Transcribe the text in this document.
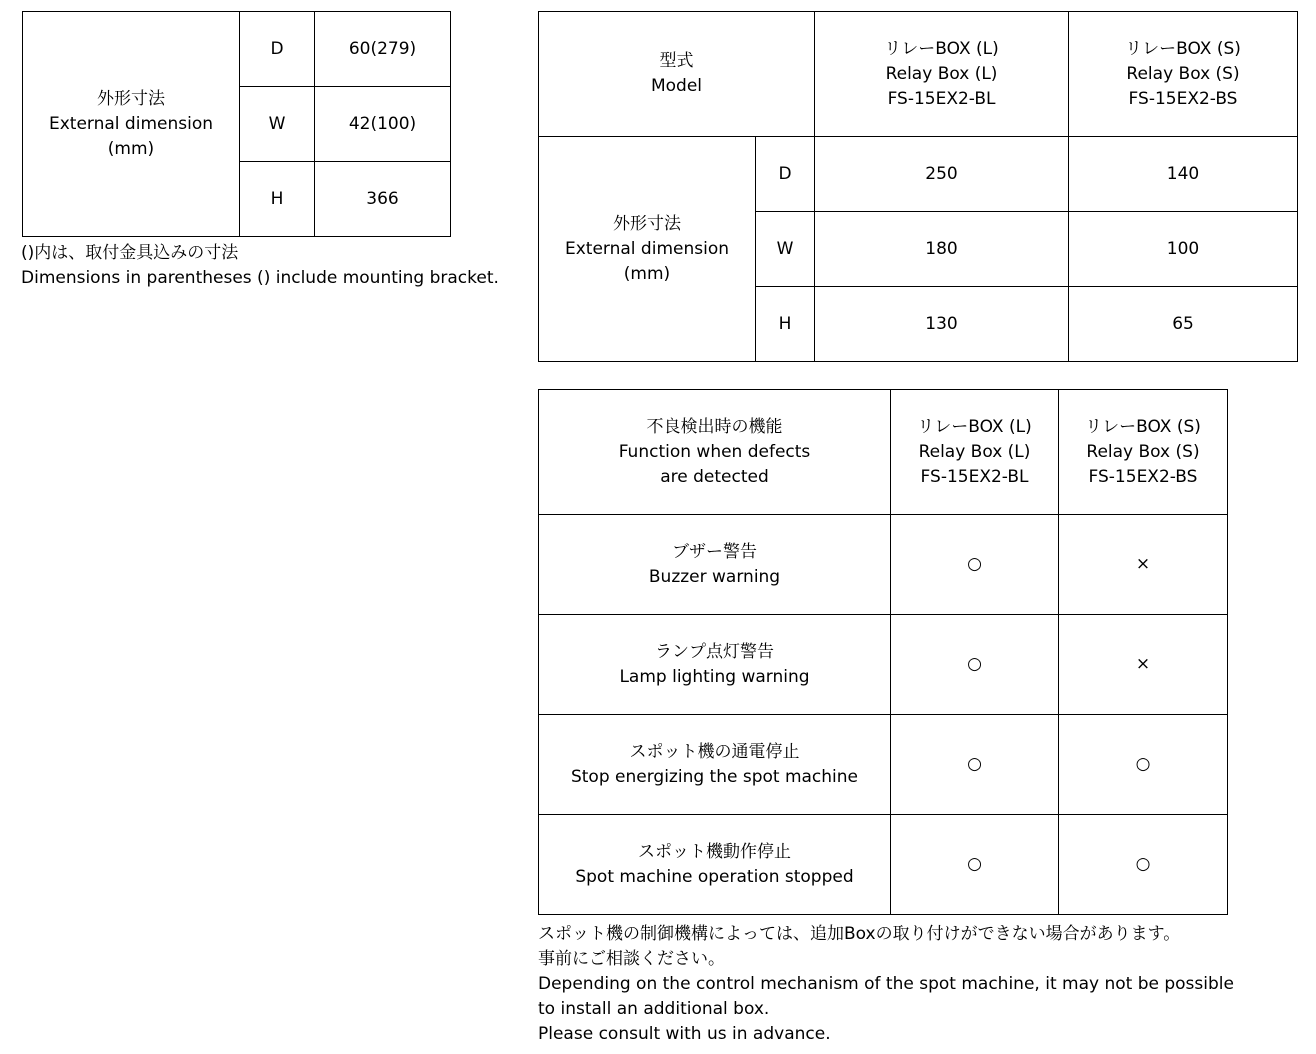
外形寸法
External dimension
(mm)	D	60(279)
	W	42(100)
	H	366
()内は、取付金具込みの寸法
Dimensions in parentheses () include mounting bracket.
型式
Model		リレーBOX (L)
Relay Box (L)
FS-15EX2-BL	リレーBOX (S)
Relay Box (S)
FS-15EX2-BS

外形寸法
External dimension
(mm)	D	250	140
	W	180	100
	H	130	65
不良検出時の機能
Function when defects
are detected	リレーBOX (L)
Relay Box (L)
FS-15EX2-BL	リレーBOX (S)
Relay Box (S)
FS-15EX2-BS

ブザー警告
Buzzer warning	○	×

ランプ点灯警告
Lamp lighting warning	○	×

スポット機の通電停止
Stop energizing the spot machine	○	○

スポット機動作停止
Spot machine operation stopped	○	○
スポット機の制御機構によっては、追加Boxの取り付けができない場合があります。
事前にご相談ください。
Depending on the control mechanism of the spot machine, it may not be possible
to install an additional box.
Please consult with us in advance.
